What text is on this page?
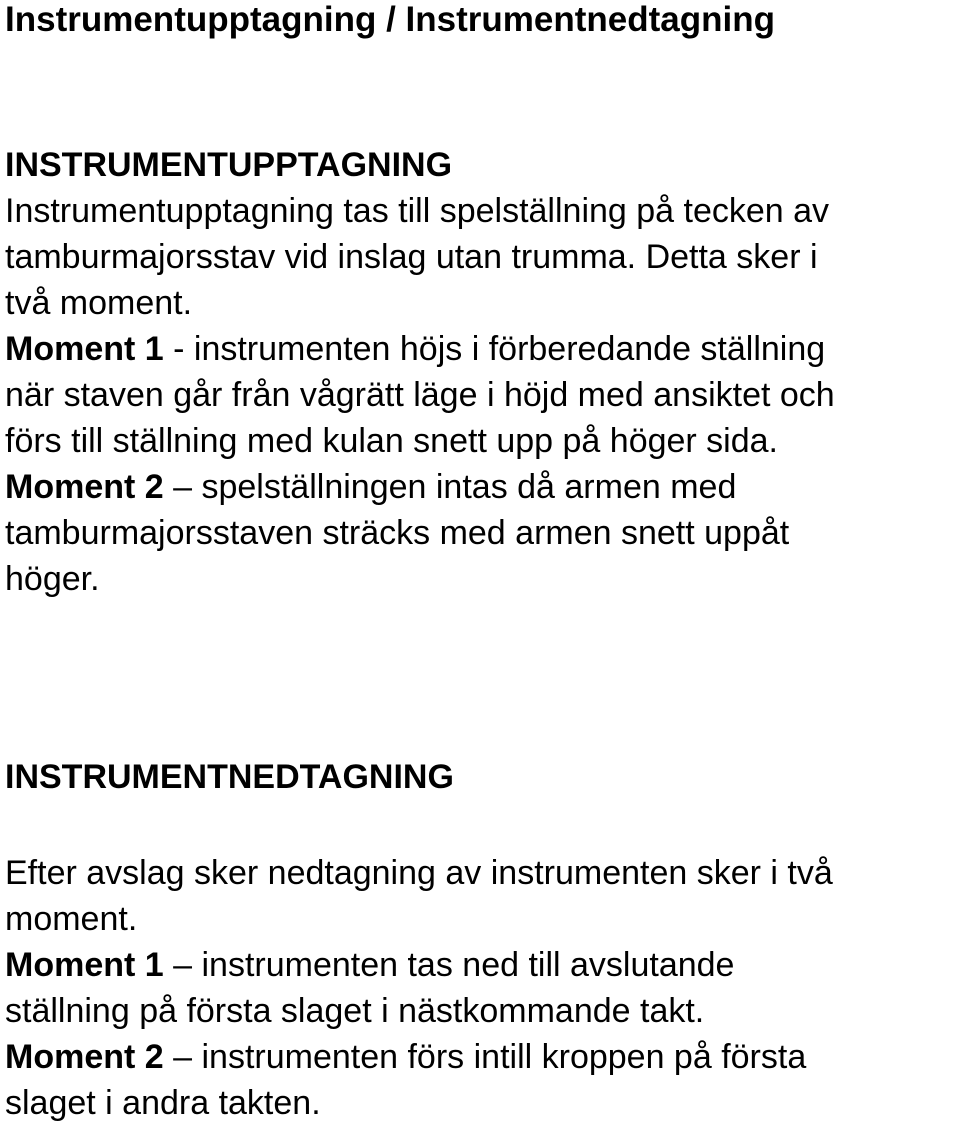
Instrumentupptagning / Instrumentnedtagning
INSTRUMENTUPPTAGNING

Instrumentupptagning tas till spelställning på tecken av

tamburmajorsstav vid inslag utan trumma. Detta sker i

två moment.

Moment 1 - instrumenten höjs i förberedande ställning

när staven går från vågrätt läge i höjd med ansiktet och

förs till ställning med kulan snett upp på höger sida.

Moment 2 – spelställningen intas då armen med

tamburmajorsstaven sträcks med armen snett uppåt

höger.

INSTRUMENTNEDTAGNING

Efter avslag sker nedtagning av instrumenten sker i två

moment.

Moment 1 – instrumenten tas ned till avslutande

ställning på första slaget i nästkommande takt.

Moment 2 – instrumenten förs intill kroppen på första

slaget i andra takten.
